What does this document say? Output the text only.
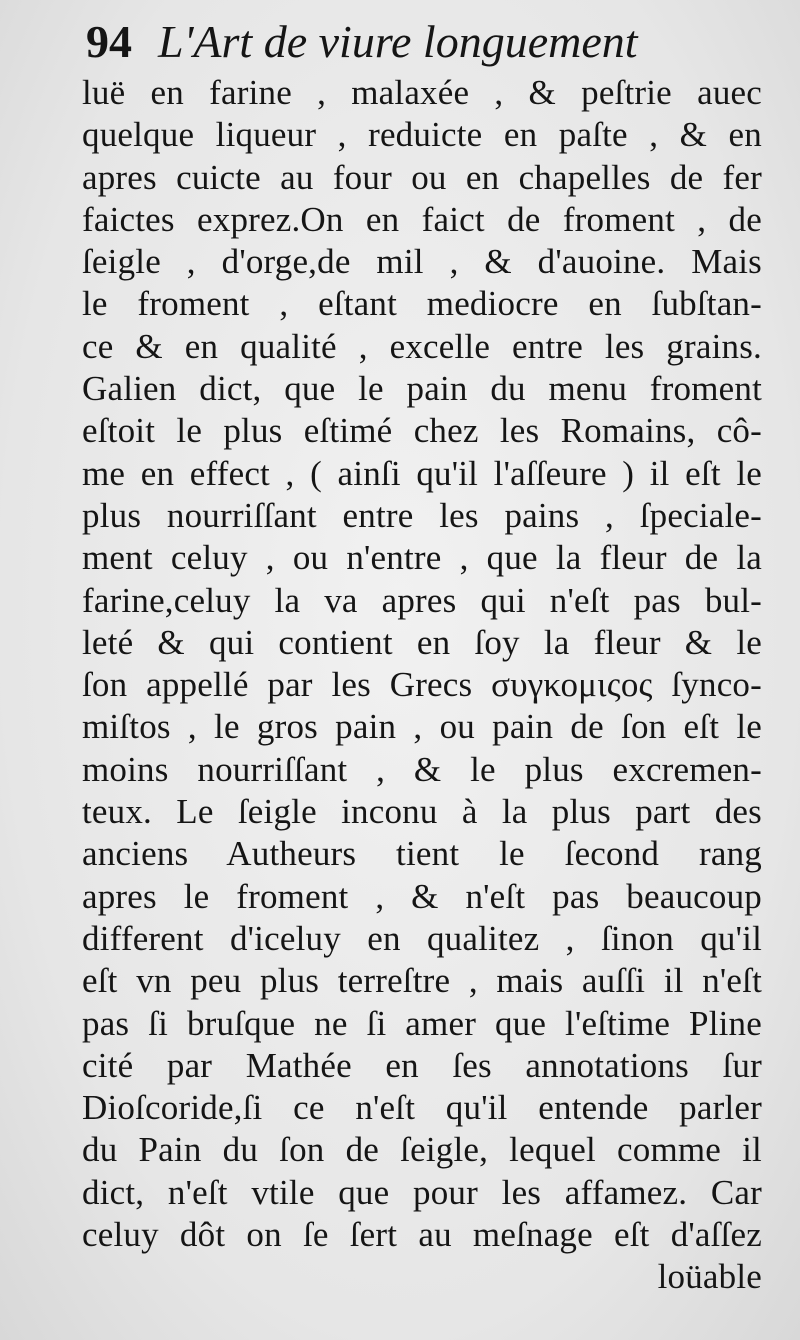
94 L'Art de viure longuement
luë en farine , malaxée , & peſtrie auec
quelque liqueur , reduicte en paſte , & en
apres cuicte au four ou en chapelles de fer
faictes exprez.On en faict de froment , de
ſeigle , d'orge,de mil , & d'auoine. Mais
le froment , eſtant mediocre en ſubſtan-
ce & en qualité , excelle entre les grains.
Galien dict, que le pain du menu froment
eſtoit le plus eſtimé chez les Romains, cô-
me en effect , ( ainſi qu'il l'aſſeure ) il eſt le
plus nourriſſant entre les pains , ſpeciale-
ment celuy , ou n'entre , que la fleur de la
farine,celuy la va apres qui n'eſt pas bul-
leté & qui contient en ſoy la fleur & le
ſon appellé par les Grecs συγκομιςος ſynco-
miſtos , le gros pain , ou pain de ſon eſt le
moins nourriſſant , & le plus excremen-
teux. Le ſeigle inconu à la plus part des
anciens Autheurs tient le ſecond rang
apres le froment , & n'eſt pas beaucoup
different d'iceluy en qualitez , ſinon qu'il
eſt vn peu plus terreſtre , mais auſſi il n'eſt
pas ſi bruſque ne ſi amer que l'eſtime Pline
cité par Mathée en ſes annotations ſur
Dioſcoride,ſi ce n'eſt qu'il entende parler
du Pain du ſon de ſeigle, lequel comme il
dict, n'eſt vtile que pour les affamez. Car
celuy dôt on ſe ſert au meſnage eſt d'aſſez
loüable
